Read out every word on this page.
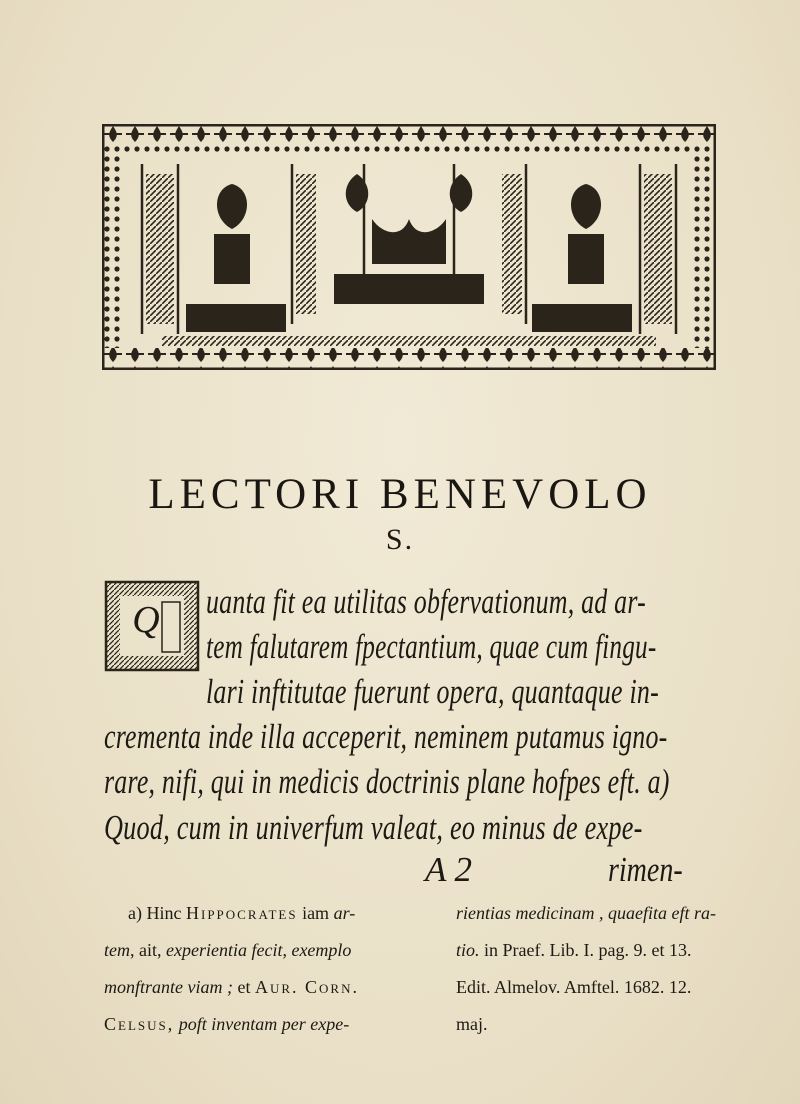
LECTORI BENEVOLO
S.
Q uanta fit ea utilitas obfervationum, ad ar-
tem falutarem fpectantium, quae cum fingu-
lari inftitutae fuerunt opera, quantaque in-
crementa inde illa acceperit, neminem putamus igno-
rare, nifi, qui in medicis doctrinis plane hofpes eft. a)
Quod, cum in univerfum valeat, eo minus de expe-
A 2	rimen-
a) Hinc Hippocrates iam ar-
tem, ait, experientia fecit, exemplo
monftrante viam ; et Aur. Corn.
Celsus, poft inventam per expe-
rientias medicinam , quaefita eft ra-
tio. in Praef. Lib. I. pag. 9. et 13.
Edit. Almelov. Amftel. 1682. 12.
maj.
